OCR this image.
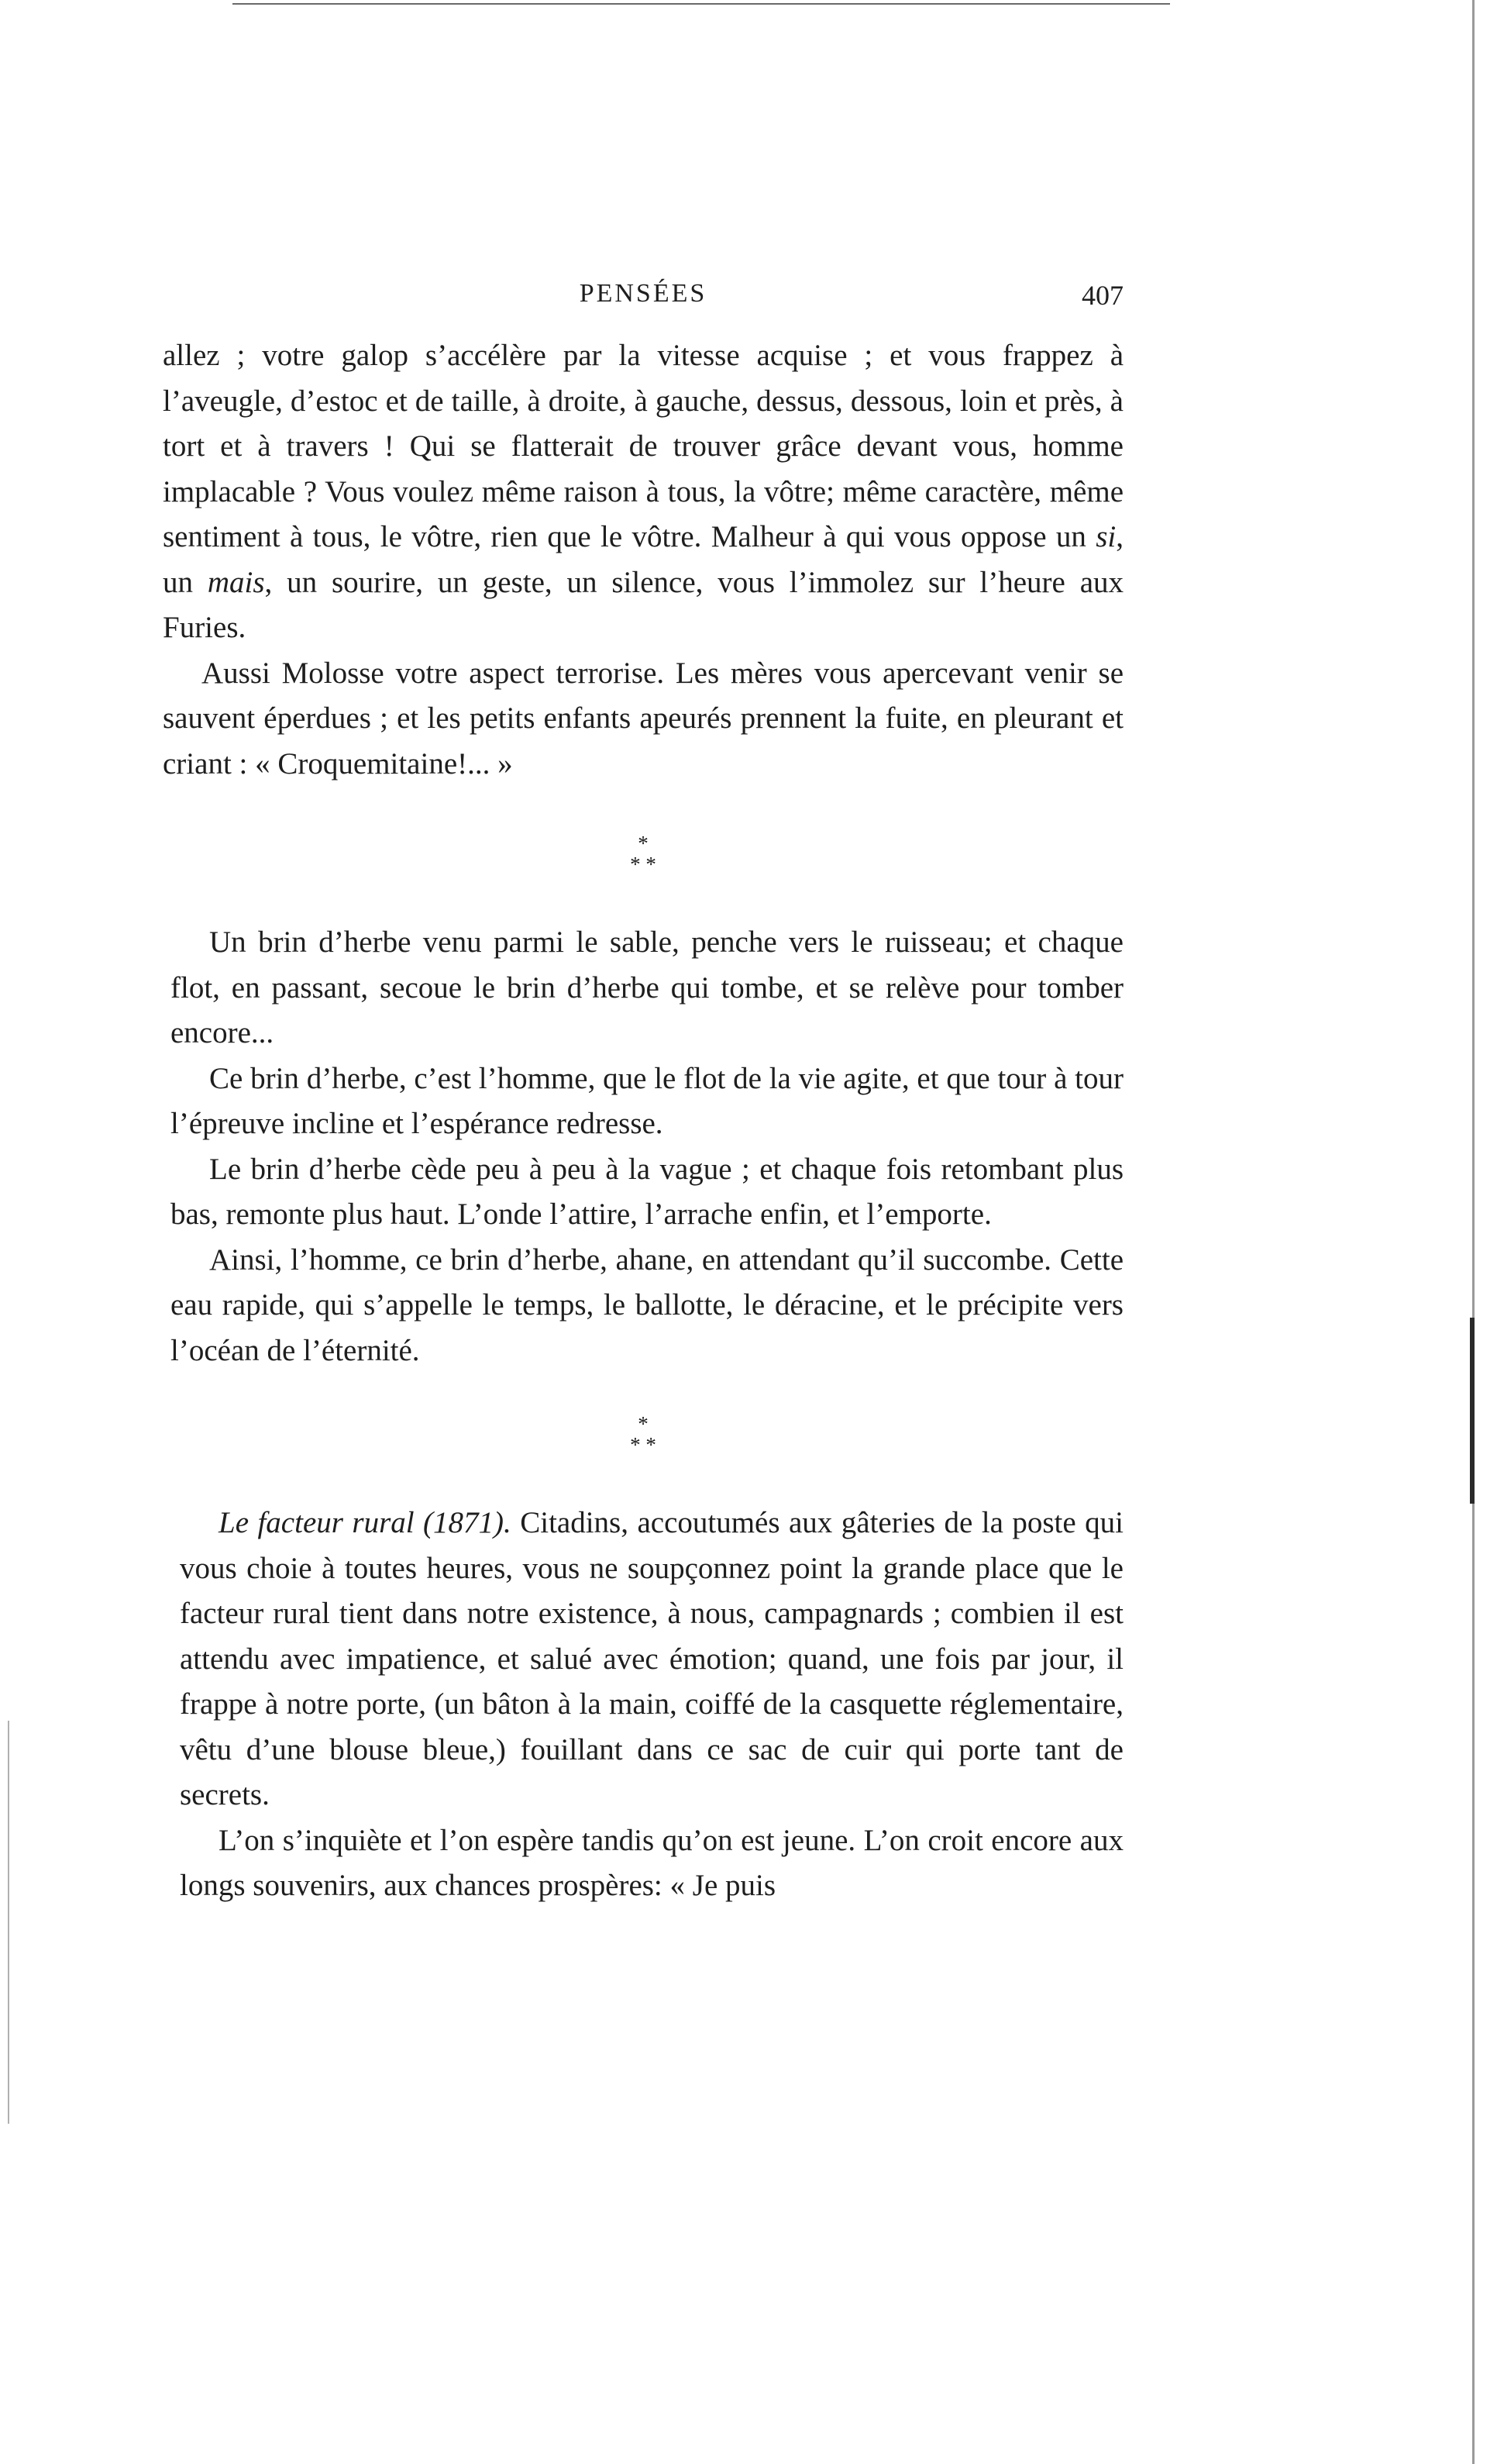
PENSÉES	407

allez ; votre galop s’accélère par la vitesse acquise ; et vous frappez à l’aveugle, d’estoc et de taille, à droite, à gauche, dessus, dessous, loin et près, à tort et à travers ! Qui se flatterait de trouver grâce devant vous, homme implacable ? Vous voulez même raison à tous, la vôtre; même caractère, même sentiment à tous, le vôtre, rien que le vôtre. Malheur à qui vous oppose un si, un mais, un sourire, un geste, un silence, vous l’immolez sur l’heure aux Furies.

Aussi Molosse votre aspect terrorise. Les mères vous apercevant venir se sauvent éperdues ; et les petits enfants apeurés prennent la fuite, en pleurant et criant : « Croquemitaine!... »

*
* *

Un brin d’herbe venu parmi le sable, penche vers le ruisseau; et chaque flot, en passant, secoue le brin d’herbe qui tombe, et se relève pour tomber encore...

Ce brin d’herbe, c’est l’homme, que le flot de la vie agite, et que tour à tour l’épreuve incline et l’espérance redresse.

Le brin d’herbe cède peu à peu à la vague ; et chaque fois retombant plus bas, remonte plus haut. L’onde l’attire, l’arrache enfin, et l’emporte.

Ainsi, l’homme, ce brin d’herbe, ahane, en attendant qu’il succombe. Cette eau rapide, qui s’appelle le temps, le ballotte, le déracine, et le précipite vers l’océan de l’éternité.

*
* *

Le facteur rural (1871). Citadins, accoutumés aux gâteries de la poste qui vous choie à toutes heures, vous ne soupçonnez point la grande place que le facteur rural tient dans notre existence, à nous, campagnards ; combien il est attendu avec impatience, et salué avec émotion; quand, une fois par jour, il frappe à notre porte, (un bâton à la main, coiffé de la casquette réglementaire, vêtu d’une blouse bleue,) fouillant dans ce sac de cuir qui porte tant de secrets.

L’on s’inquiète et l’on espère tandis qu’on est jeune. L’on croit encore aux longs souvenirs, aux chances prospères: « Je puis
